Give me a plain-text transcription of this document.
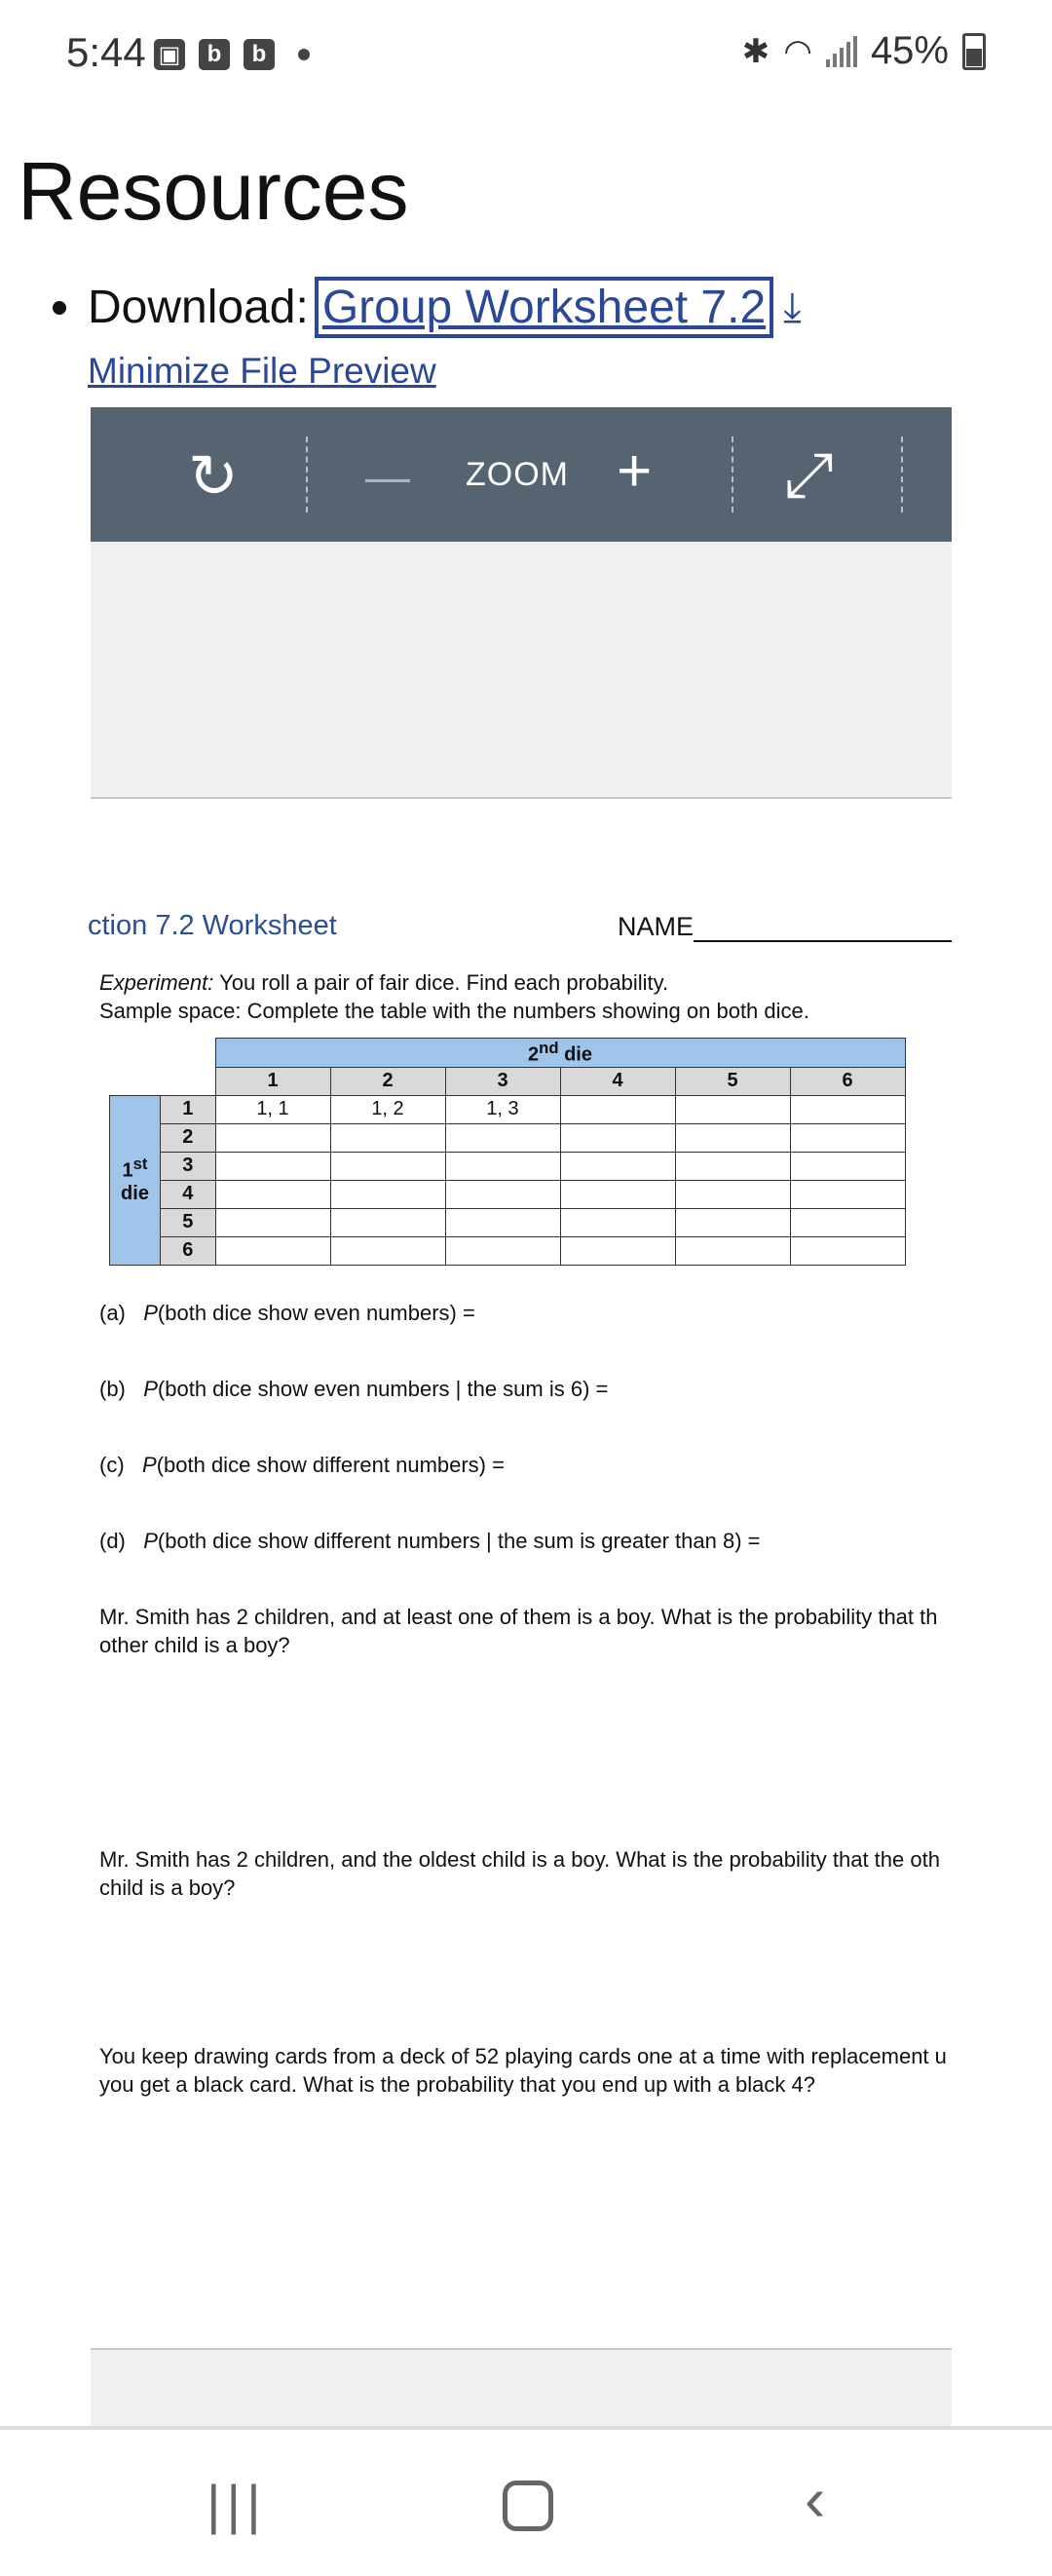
5:44 ▣	b	b	✱ ◠ 45%
Resources
Download: Group Worksheet 7.2 ⤓
Minimize File Preview
↻	— ZOOM + ⤢
ction 7.2 Worksheet	NAME
Experiment: You roll a pair of fair dice. Find each probability.
Sample space: Complete the table with the numbers showing on both dice.
		2nd die					
		1	2	3	4	5	6
1st
die	1	1, 1	1, 2	1, 3			
	2						
	3						
	4						
	5						
	6						
(a) P(both dice show even numbers) =
(b) P(both dice show even numbers | the sum is 6) =
(c) P(both dice show different numbers) =
(d) P(both dice show different numbers | the sum is greater than 8) =
Mr. Smith has 2 children, and at least one of them is a boy. What is the probability that th
other child is a boy?
Mr. Smith has 2 children, and the oldest child is a boy. What is the probability that the oth
child is a boy?
You keep drawing cards from a deck of 52 playing cards one at a time with replacement u
you get a black card. What is the probability that you end up with a black 4?
|||	‹
